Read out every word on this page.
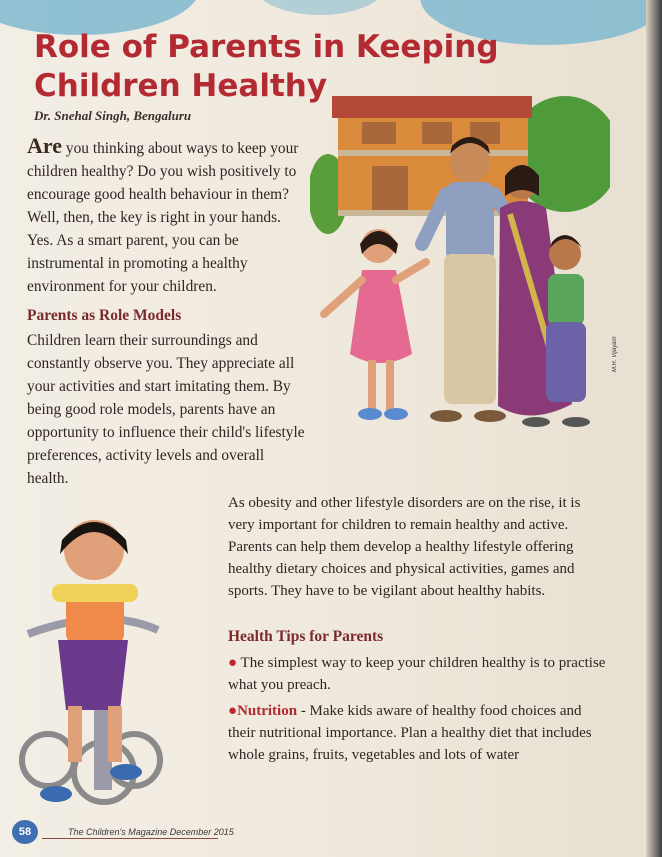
Role of Parents in Keeping Children Healthy
Dr. Snehal Singh, Bengaluru
M.R. Vijayam

Are you thinking about ways to keep your children healthy? Do you wish positively to encourage good health behaviour in them? Well, then, the key is right in your hands. Yes. As a smart parent, you can be instrumental in promoting a healthy environment for your children.

Parents as Role Models

Children learn their surroundings and constantly observe you. They appreciate all your activities and start imitating them. By being good role models, parents have an opportunity to influence their child's lifestyle preferences, activity levels and overall health.

As obesity and other lifestyle disorders are on the rise, it is very important for children to remain healthy and active. Parents can help them develop a healthy lifestyle offering healthy dietary choices and physical activities, games and sports. They have to be vigilant about healthy habits.

Health Tips for Parents

● The simplest way to keep your children healthy is to practise what you preach.

●Nutrition - Make kids aware of healthy food choices and their nutritional importance. Plan a healthy diet that includes whole grains, fruits, vegetables and lots of water

58	The Children's Magazine December 2015
